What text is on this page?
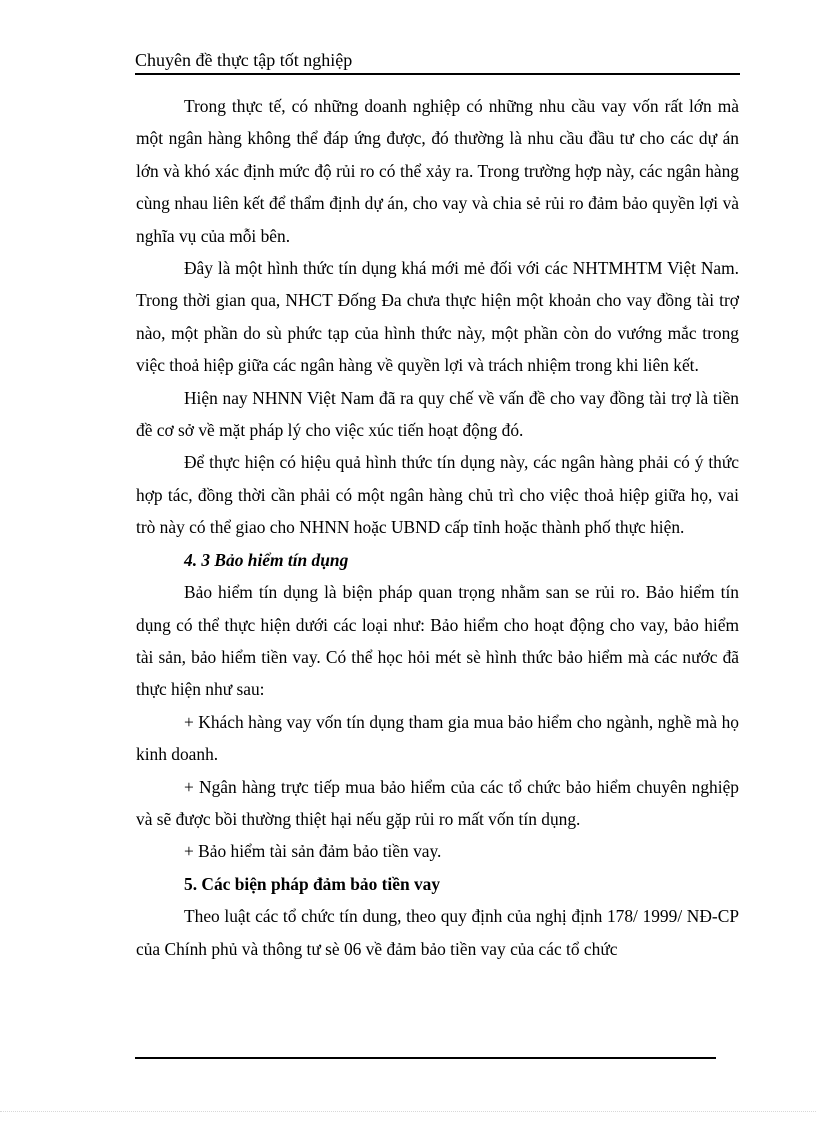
Chuyên đề thực tập tốt nghiệp

Trong thực tế, có những doanh nghiệp có những nhu cầu vay vốn rất lớn mà một ngân hàng không thể đáp ứng được, đó thường là nhu cầu đầu tư cho các dự án lớn và khó xác định mức độ rủi ro có thể xảy ra. Trong trường hợp này, các ngân hàng cùng nhau liên kết để thẩm định dự án, cho vay và chia sẻ rủi ro đảm bảo quyền lợi và nghĩa vụ của mỗi bên.

Đây là một hình thức tín dụng khá mới mẻ đối với các NHTMHTM Việt Nam. Trong thời gian qua, NHCT Đống Đa chưa thực hiện một khoản cho vay đồng tài trợ nào, một phần do sù phức tạp của hình thức này, một phần còn do vướng mắc trong việc thoả hiệp giữa các ngân hàng về quyền lợi và trách nhiệm trong khi liên kết.

Hiện nay NHNN Việt Nam đã ra quy chế về vấn đề cho vay đồng tài trợ là tiền đề cơ sở về mặt pháp lý cho việc xúc tiến hoạt động đó.

Để thực hiện có hiệu quả hình thức tín dụng này, các ngân hàng phải có ý thức hợp tác, đồng thời cần phải có một ngân hàng chủ trì cho việc thoả hiệp giữa họ, vai trò này có thể giao cho NHNN hoặc UBND cấp tỉnh hoặc thành phố thực hiện.

4. 3 Bảo hiểm tín dụng

Bảo hiểm tín dụng là biện pháp quan trọng nhằm san se rủi ro. Bảo hiểm tín dụng có thể thực hiện dưới các loại như: Bảo hiểm cho hoạt động cho vay, bảo hiểm tài sản, bảo hiểm tiền vay. Có thể học hỏi mét sè hình thức bảo hiểm mà các nước đã thực hiện như sau:

+ Khách hàng vay vốn tín dụng tham gia mua bảo hiểm cho ngành, nghề mà họ kinh doanh.

+ Ngân hàng trực tiếp mua bảo hiểm của các tổ chức bảo hiểm chuyên nghiệp và sẽ được bồi thường thiệt hại nếu gặp rủi ro mất vốn tín dụng.

+ Bảo hiểm tài sản đảm bảo tiền vay.

5. Các biện pháp đảm bảo tiền vay

Theo luật các tổ chức tín dung, theo quy định của nghị định 178/ 1999/ NĐ-CP của Chính phủ và thông tư sè 06 về đảm bảo tiền vay của các tổ chức
